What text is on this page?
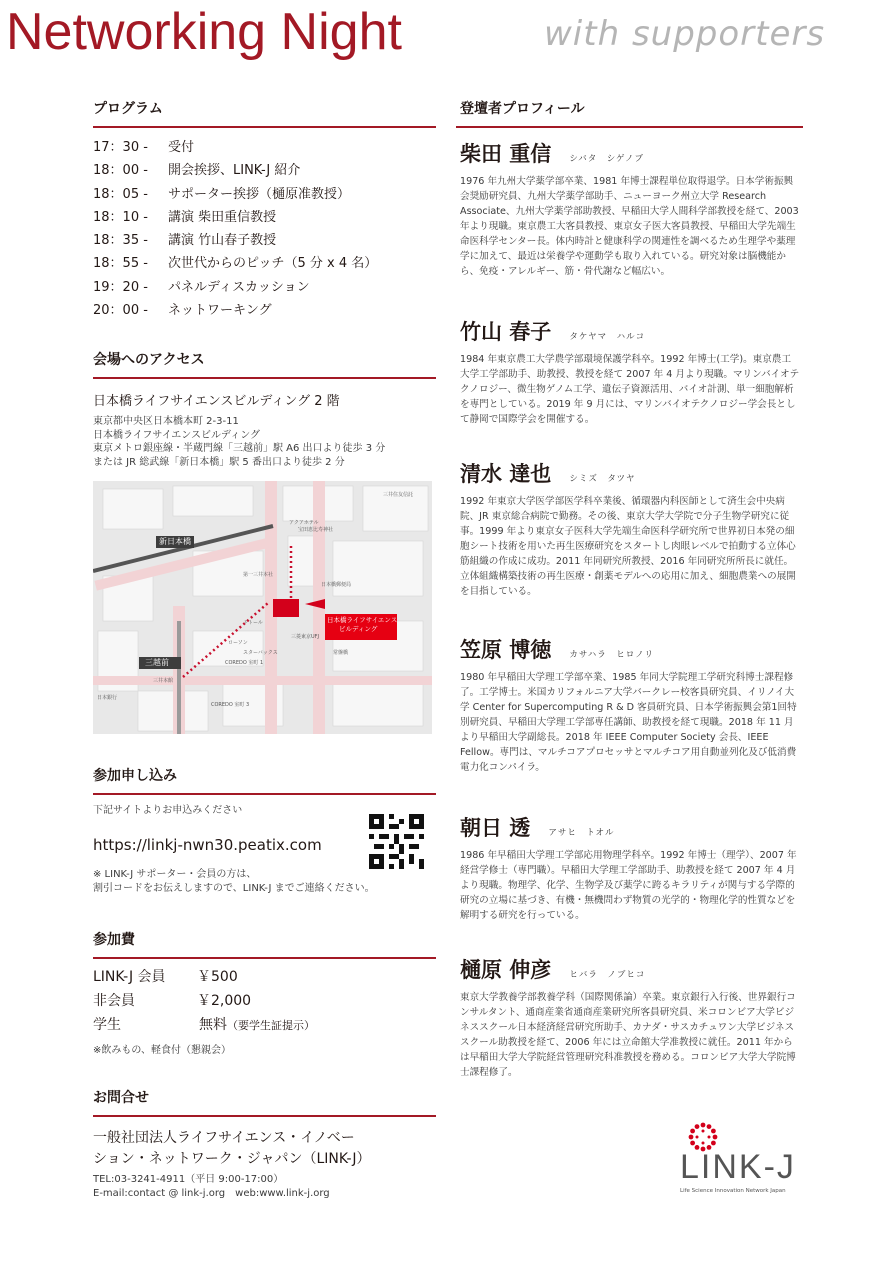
Networking Night	with supporters
プログラム
17：30 - 受付
18：00 - 開会挨拶、LINK-J 紹介
18：05 - サポーター挨拶（樋原准教授）
18：10 - 講演 柴田重信教授
18：35 - 講演 竹山春子教授
18：55 - 次世代からのピッチ（5 分 x 4 名）
19：20 - パネルディスカッション
20：00 - ネットワーキング
会場へのアクセス
日本橋ライフサイエンスビルディング 2 階
東京都中央区日本橋本町 2-3-11
日本橋ライフサイエンスビルディング
東京メトロ銀座線・半蔵門線「三越前」駅 A6 出口より徒歩 3 分
または JR 総武線「新日本橋」駅 5 番出口より徒歩 2 分
新日本橋
三越前
日本橋ライフサイエンス
ビルディング
三井住友信託
第一三井本社
日本橋郵便局
アクアホテル
ドトール
ローソン
三井本館
日本銀行
スターバックス
COREDO 室町 1
COREDO 室町 3
宝田恵比寿神社
常盤橋
三菱東京UFJ
参加申し込み
下記サイトよりお申込みください
https://linkj-nwn30.peatix.com
※ LINK-J サポーター・会員の方は、
割引コードをお伝えしますので、LINK-J までご連絡ください。
参加費
LINK-J 会員 ￥500
非会員	￥2,000
学生	無料（要学生証提示）
※飲みもの、軽食付（懇親会）
お問合せ
一般社団法人ライフサイエンス・イノベー
ション・ネットワーク・ジャパン（LINK-J）
TEL:03-3241-4911（平日 9:00-17:00）
E-mail:contact @ link-j.org　web:www.link-j.org
登壇者プロフィール
柴田 重信 シバタ　シゲノブ
1976 年九州大学薬学部卒業、1981 年博士課程単位取得退学。日本学術振興会奨励研究員、九州大学薬学部助手、ニューヨーク州立大学 Research Associate、九州大学薬学部助教授、早稲田大学人間科学部教授を経て、2003 年より現職。東京農工大客員教授、東京女子医大客員教授、早稲田大学先端生命医科学センター長。体内時計と健康科学の関連性を調べるため生理学や薬理学に加えて、最近は栄養学や運動学も取り入れている。研究対象は脳機能から、免疫・アレルギー、筋・骨代謝など幅広い。
竹山 春子 タケヤマ　ハルコ
1984 年東京農工大学農学部環境保護学科卒。1992 年博士(工学)。東京農工大学工学部助手、助教授、教授を経て 2007 年 4 月より現職。マリンバイオテクノロジー、微生物ゲノム工学、遺伝子資源活用、バイオ計測、単一細胞解析を専門としている。2019 年 9 月には、マリンバイオテクノロジー学会長として静岡で国際学会を開催する。
清水 達也 シミズ　タツヤ
1992 年東京大学医学部医学科卒業後、循環器内科医師として済生会中央病院、JR 東京総合病院で勤務。その後、東京大学大学院で分子生物学研究に従事。1999 年より東京女子医科大学先端生命医科学研究所で世界初日本発の細胞シート技術を用いた再生医療研究をスタートし肉眼レベルで拍動する立体心筋組織の作成に成功。2011 年同研究所教授、2016 年同研究所所長に就任。立体組織構築技術の再生医療・創薬モデルへの応用に加え、細胞農業への展開を目指している。
笠原 博徳 カサハラ　ヒロノリ
1980 年早稲田大学理工学部卒業、1985 年同大学院理工学研究科博士課程修了。工学博士。米国カリフォルニア大学バークレー校客員研究員、イリノイ大学 Center for Supercomputing R & D 客員研究員、日本学術振興会第1回特別研究員、早稲田大学理工学部専任講師、助教授を経て現職。2018 年 11 月より早稲田大学副総長。2018 年 IEEE Computer Society 会長、IEEE Fellow。専門は、マルチコアプロセッサとマルチコア用自動並列化及び低消費電力化コンパイラ。
朝日 透 アサヒ　トオル
1986 年早稲田大学理工学部応用物理学科卒。1992 年博士（理学）、2007 年経営学修士（専門職）。早稲田大学理工学部助手、助教授を経て 2007 年 4 月より現職。物理学、化学、生物学及び薬学に跨るキラリティが関与する学際的研究の立場に基づき、有機・無機問わず物質の光学的・物理化学的性質などを解明する研究を行っている。
樋原 伸彦 ヒバラ　ノブヒコ
東京大学教養学部教養学科（国際関係論）卒業。東京銀行入行後、世界銀行コンサルタント、通商産業省通商産業研究所客員研究員、米コロンビア大学ビジネススクール日本経済経営研究所助手、カナダ・サスカチュワン大学ビジネススクール助教授を経て、2006 年には立命館大学准教授に就任。2011 年からは早稲田大学大学院経営管理研究科准教授を務める。コロンビア大学大学院博士課程修了。
LINK-J
Life Science Innovation Network Japan
